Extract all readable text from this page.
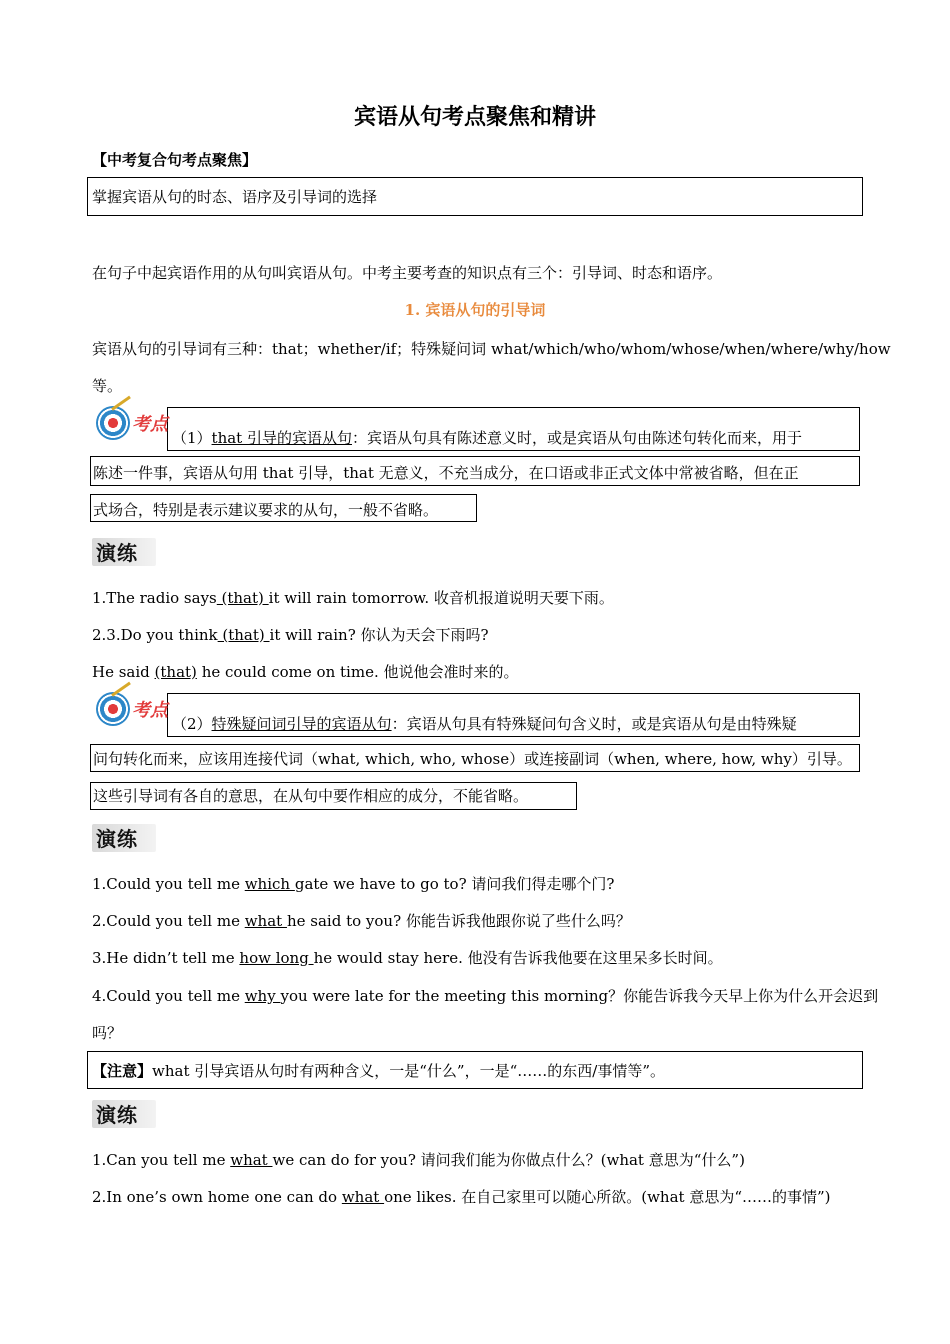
宾语从句考点聚焦和精讲
【中考复合句考点聚焦】
掌握宾语从句的时态、语序及引导词的选择
在句子中起宾语作用的从句叫宾语从句。中考主要考查的知识点有三个：引导词、时态和语序。
1. 宾语从句的引导词
宾语从句的引导词有三种：that；whether/if；特殊疑问词 what/which/who/whom/whose/when/where/why/how
等。
考点
（1）that 引导的宾语从句：宾语从句具有陈述意义时，或是宾语从句由陈述句转化而来，用于
陈述一件事，宾语从句用 that 引导，that 无意义，不充当成分，在口语或非正式文体中常被省略，但在正
式场合，特别是表示建议要求的从句，一般不省略。
演练
1.The radio says (that) it will rain tomorrow. 收音机报道说明天要下雨。
2.3.Do you think (that) it will rain? 你认为天会下雨吗?
He said (that) he could come on time. 他说他会准时来的。
考点
（2）特殊疑问词引导的宾语从句：宾语从句具有特殊疑问句含义时，或是宾语从句是由特殊疑
问句转化而来，应该用连接代词（what, which, who, whose）或连接副词（when, where, how, why）引导。
这些引导词有各自的意思，在从句中要作相应的成分，不能省略。
演练
1.Could you tell me which gate we have to go to? 请问我们得走哪个门?
2.Could you tell me what he said to you? 你能告诉我他跟你说了些什么吗？
3.He didn’t tell me how long he would stay here. 他没有告诉我他要在这里呆多长时间。
4.Could you tell me why you were late for the meeting this morning？你能告诉我今天早上你为什么开会迟到
吗？
【注意】what 引导宾语从句时有两种含义，一是“什么”，一是“……的东西/事情等”。
演练
1.Can you tell me what we can do for you? 请问我们能为你做点什么？(what 意思为“什么”)
2.In one’s own home one can do what one likes. 在自己家里可以随心所欲。(what 意思为“……的事情”)
